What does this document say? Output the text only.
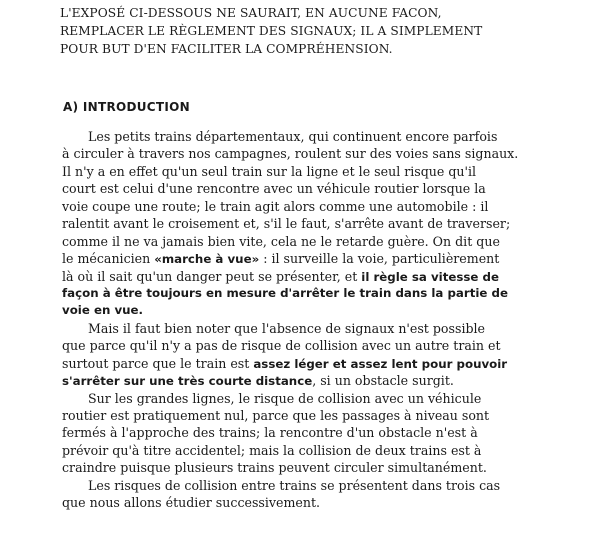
L'EXPOSÉ CI-DESSOUS NE SAURAIT, EN AUCUNE FACON,
REMPLACER LE RÈGLEMENT DES SIGNAUX; IL A SIMPLEMENT
POUR BUT D'EN FACILITER LA COMPRÉHENSION.
A) INTRODUCTION
Les petits trains départementaux, qui continuent encore parfois
à circuler à travers nos campagnes, roulent sur des voies sans signaux.
Il n'y a en effet qu'un seul train sur la ligne et le seul risque qu'il
court est celui d'une rencontre avec un véhicule routier lorsque la
voie coupe une route; le train agit alors comme une automobile : il
ralentit avant le croisement et, s'il le faut, s'arrête avant de traverser;
comme il ne va jamais bien vite, cela ne le retarde guère. On dit que
le mécanicien «marche à vue» : il surveille la voie, particulièrement
là où il sait qu'un danger peut se présenter, et il règle sa vitesse de
façon à être toujours en mesure d'arrêter le train dans la partie de
voie en vue.
Mais il faut bien noter que l'absence de signaux n'est possible
que parce qu'il n'y a pas de risque de collision avec un autre train et
surtout parce que le train est assez léger et assez lent pour pouvoir
s'arrêter sur une très courte distance, si un obstacle surgit.
Sur les grandes lignes, le risque de collision avec un véhicule
routier est pratiquement nul, parce que les passages à niveau sont
fermés à l'approche des trains; la rencontre d'un obstacle n'est à
prévoir qu'à titre accidentel; mais la collision de deux trains est à
craindre puisque plusieurs trains peuvent circuler simultanément.
Les risques de collision entre trains se présentent dans trois cas
que nous allons étudier successivement.
